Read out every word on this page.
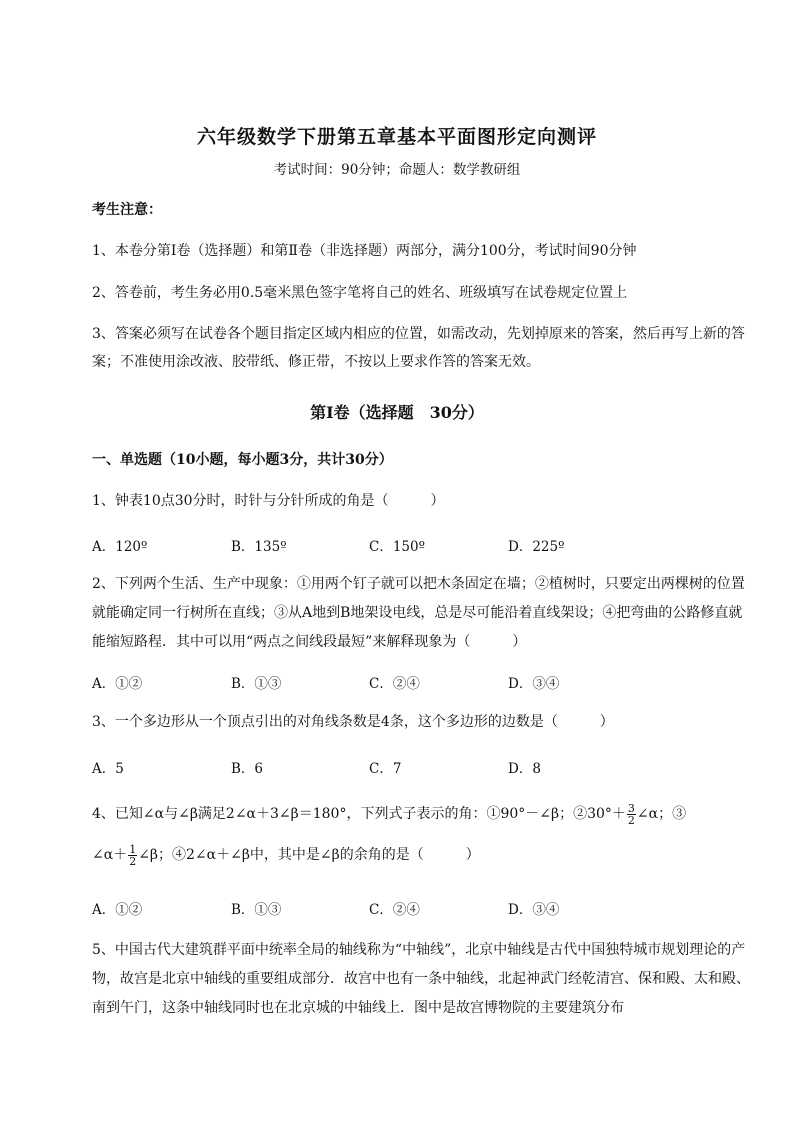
六年级数学下册第五章基本平面图形定向测评
考试时间：90分钟；命题人：数学教研组
考生注意：
1、本卷分第I卷（选择题）和第Ⅱ卷（非选择题）两部分，满分100分，考试时间90分钟
2、答卷前，考生务必用0.5毫米黑色签字笔将自己的姓名、班级填写在试卷规定位置上
3、答案必须写在试卷各个题目指定区域内相应的位置，如需改动，先划掉原来的答案，然后再写上新的答案；不准使用涂改液、胶带纸、修正带，不按以上要求作答的答案无效。
第I卷（选择题　30分）
一、单选题（10小题，每小题3分，共计30分）
1、钟表10点30分时，时针与分针所成的角是（　　　）
A．120º	B．135º	C．150º	D．225º
2、下列两个生活、生产中现象：①用两个钉子就可以把木条固定在墙；②植树时，只要定出两棵树的位置就能确定同一行树所在直线；③从A地到B地架设电线，总是尽可能沿着直线架设；④把弯曲的公路修直就能缩短路程．其中可以用“两点之间线段最短”来解释现象为（　　　）
A．①②	B．①③	C．②④	D．③④
3、一个多边形从一个顶点引出的对角线条数是4条，这个多边形的边数是（　　　）
A．5	B．6	C．7	D．8
4、已知∠α与∠β满足2∠α＋3∠β＝180°，下列式子表示的角：①90°－∠β；②30°＋ $\frac{3}{2}$ ∠α；③
∠α＋ $\frac{1}{2}$ ∠β；④2∠α＋∠β中，其中是∠β的余角的是（　　　）
A．①②	B．①③	C．②④	D．③④
5、中国古代大建筑群平面中统率全局的轴线称为“中轴线”，北京中轴线是古代中国独特城市规划理论的产物，故宫是北京中轴线的重要组成部分．故宫中也有一条中轴线，北起神武门经乾清宫、保和殿、太和殿、南到午门，这条中轴线同时也在北京城的中轴线上．图中是故宫博物院的主要建筑分布
